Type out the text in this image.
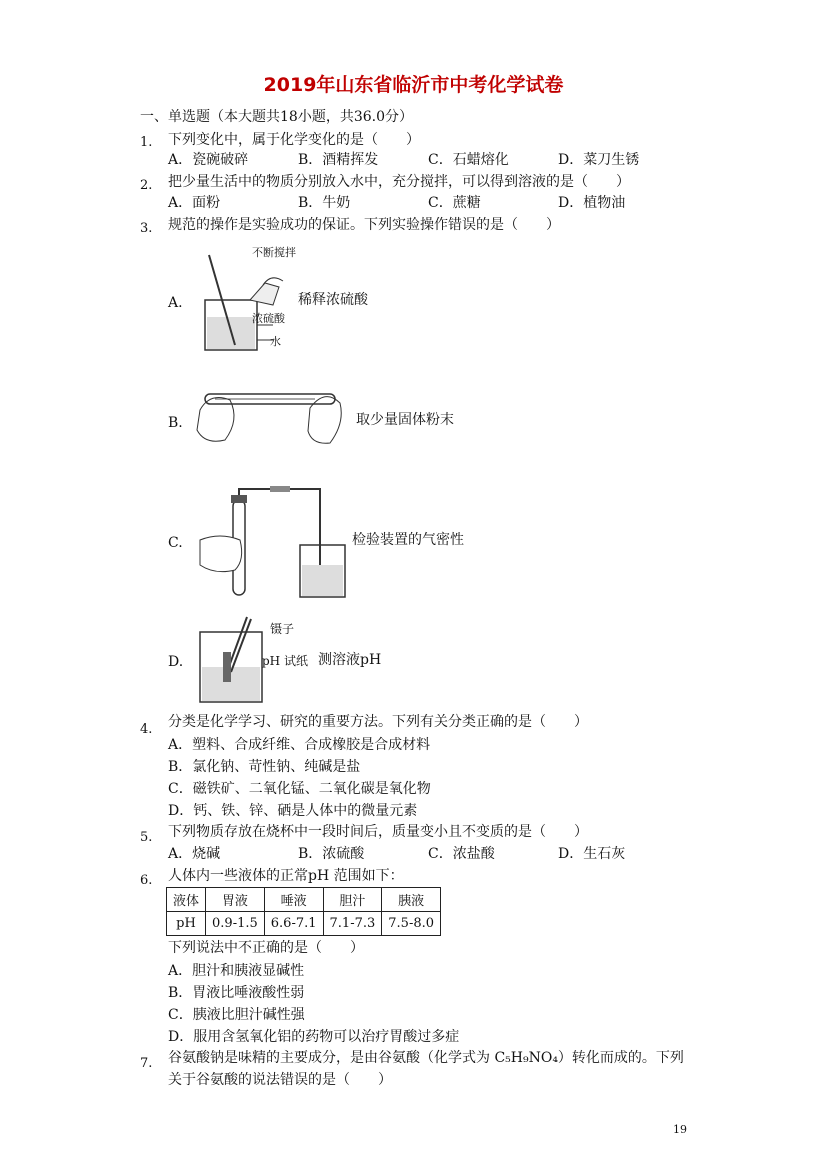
2019年山东省临沂市中考化学试卷
一、单选题（本大题共18小题，共36.0分）
1. 下列变化中，属于化学变化的是（　　）
A．瓷碗破碎	B．酒精挥发	C．石蜡熔化	D．菜刀生锈
2. 把少量生活中的物质分别放入水中，充分搅拌，可以得到溶液的是（　　）
A．面粉	B．牛奶	C．蔗糖	D．植物油
3. 规范的操作是实验成功的保证。下列实验操作错误的是（　　）
A.
不断搅拌
浓硫酸
水
稀释浓硫酸
B.	取少量固体粉末
C.	检验装置的气密性
D.
镊子
pH 试纸 测溶液pH
4. 分类是化学学习、研究的重要方法。下列有关分类正确的是（　　）
A．塑料、合成纤维、合成橡胶是合成材料
B．氯化钠、苛性钠、纯碱是盐
C．磁铁矿、二氧化锰、二氧化碳是氧化物
D．钙、铁、锌、硒是人体中的微量元素
5. 下列物质存放在烧杯中一段时间后，质量变小且不变质的是（　　）
A．烧碱	B．浓硫酸	C．浓盐酸	D．生石灰
6. 人体内一些液体的正常pH 范围如下：
液体	胃液	唾液	胆汁	胰液
pH	0.9-1.5	6.6-7.1	7.1-7.3	7.5-8.0
下列说法中不正确的是（　　）
A．胆汁和胰液显碱性
B．胃液比唾液酸性弱
C．胰液比胆汁碱性强
D．服用含氢氧化铝的药物可以治疗胃酸过多症
7. 谷氨酸钠是味精的主要成分，是由谷氨酸（化学式为 C₅H₉NO₄）转化而成的。下列
关于谷氨酸的说法错误的是（　　）
19
